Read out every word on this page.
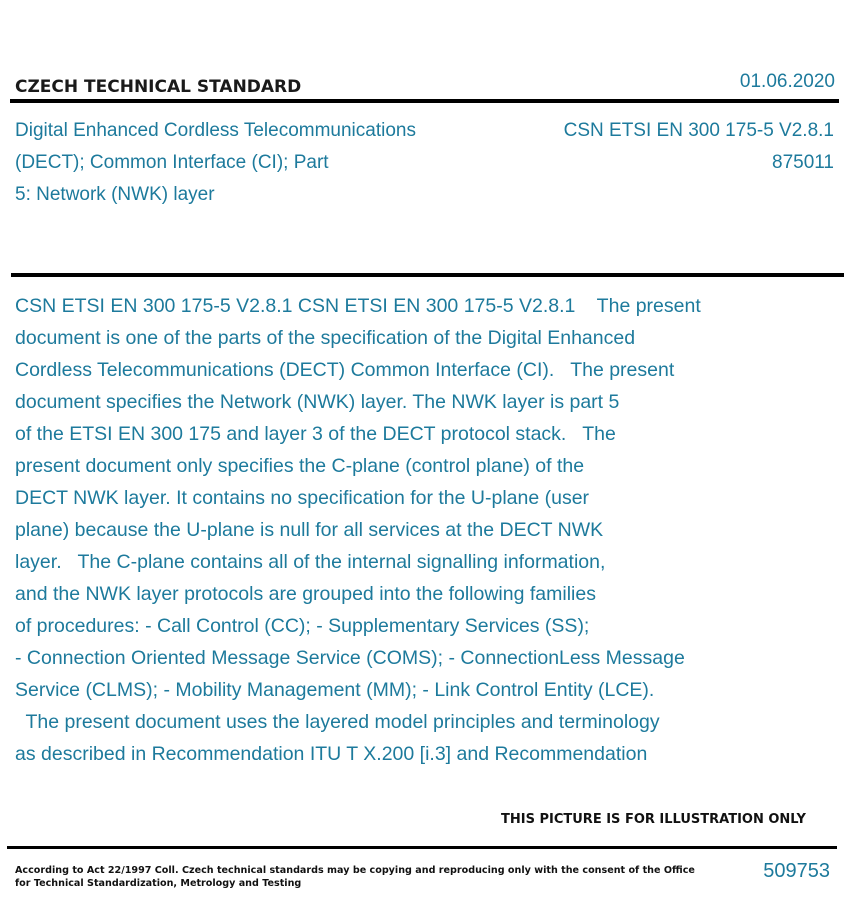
CZECH TECHNICAL STANDARD	01.06.2020
Digital Enhanced Cordless Telecommunications
(DECT); Common Interface (CI); Part
5: Network (NWK) layer
CSN ETSI EN 300 175-5 V2.8.1
875011
CSN ETSI EN 300 175-5 V2.8.1 CSN ETSI EN 300 175-5 V2.8.1    The present
document is one of the parts of the specification of the Digital Enhanced
Cordless Telecommunications (DECT) Common Interface (CI).   The present
document specifies the Network (NWK) layer. The NWK layer is part 5
of the ETSI EN 300 175 and layer 3 of the DECT protocol stack.   The
present document only specifies the C-plane (control plane) of the
DECT NWK layer. It contains no specification for the U-plane (user
plane) because the U-plane is null for all services at the DECT NWK
layer.   The C-plane contains all of the internal signalling information,
and the NWK layer protocols are grouped into the following families
of procedures: - Call Control (CC); - Supplementary Services (SS);
- Connection Oriented Message Service (COMS); - ConnectionLess Message
Service (CLMS); - Mobility Management (MM); - Link Control Entity (LCE).
The present document uses the layered model principles and terminology
as described in Recommendation ITU T X.200 [i.3] and Recommendation
THIS PICTURE IS FOR ILLUSTRATION ONLY
According to Act 22/1997 Coll. Czech technical standards may be copying and reproducing only with the consent of the Office
for Technical Standardization, Metrology and Testing
509753
